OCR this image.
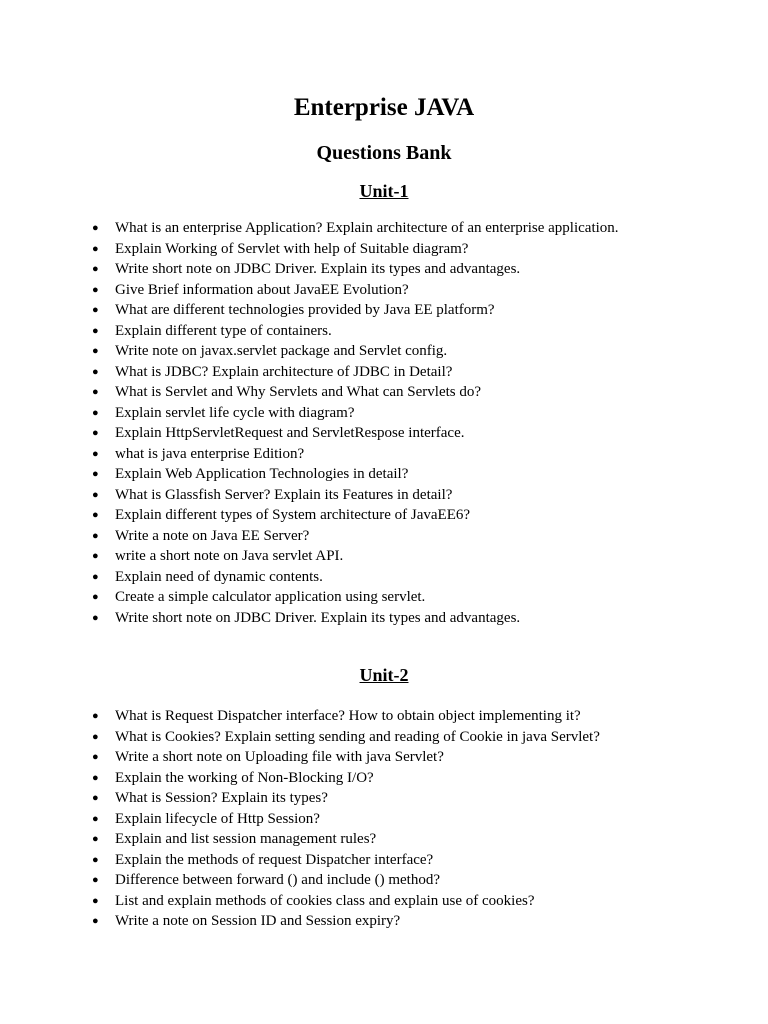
Enterprise JAVA
Questions Bank
Unit-1
● What is an enterprise Application? Explain architecture of an enterprise application.
● Explain Working of Servlet with help of Suitable diagram?
● Write short note on JDBC Driver. Explain its types and advantages.
● Give Brief information about JavaEE Evolution?
● What are different technologies provided by Java EE platform?
● Explain different type of containers.
● Write note on javax.servlet package and Servlet config.
● What is JDBC? Explain architecture of JDBC in Detail?
● What is Servlet and Why Servlets and What can Servlets do?
● Explain servlet life cycle with diagram?
● Explain HttpServletRequest and ServletRespose interface.
● what is java enterprise Edition?
● Explain Web Application Technologies in detail?
● What is Glassfish Server? Explain its Features in detail?
● Explain different types of System architecture of JavaEE6?
● Write a note on Java EE Server?
● write a short note on Java servlet API.
● Explain need of dynamic contents.
● Create a simple calculator application using servlet.
● Write short note on JDBC Driver. Explain its types and advantages.
Unit-2
● What is Request Dispatcher interface? How to obtain object implementing it?
● What is Cookies? Explain setting sending and reading of Cookie in java Servlet?
● Write a short note on Uploading file with java Servlet?
● Explain the working of Non-Blocking I/O?
● What is Session? Explain its types?
● Explain lifecycle of Http Session?
● Explain and list session management rules?
● Explain the methods of request Dispatcher interface?
● Difference between forward () and include () method?
● List and explain methods of cookies class and explain use of cookies?
● Write a note on Session ID and Session expiry?
